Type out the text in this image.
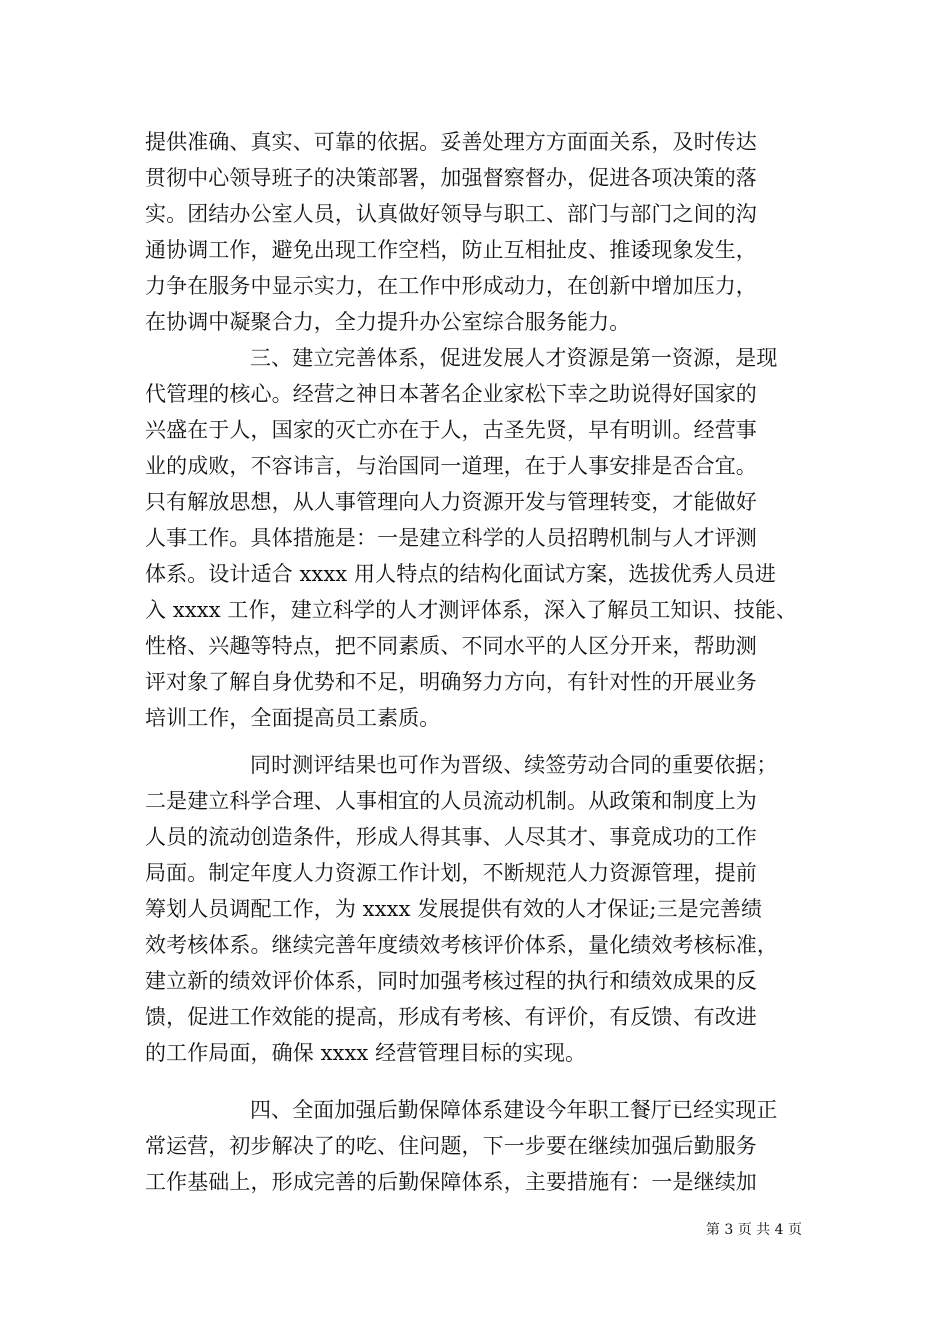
提供准确、真实、可靠的依据。妥善处理方方面面关系，及时传达
贯彻中心领导班子的决策部署，加强督察督办，促进各项决策的落
实。团结办公室人员，认真做好领导与职工、部门与部门之间的沟
通协调工作，避免出现工作空档，防止互相扯皮、推诿现象发生，
力争在服务中显示实力，在工作中形成动力，在创新中增加压力，
在协调中凝聚合力，全力提升办公室综合服务能力。
三、建立完善体系，促进发展人才资源是第一资源，是现
代管理的核心。经营之神日本著名企业家松下幸之助说得好国家的
兴盛在于人，国家的灭亡亦在于人，古圣先贤，早有明训。经营事
业的成败，不容讳言，与治国同一道理，在于人事安排是否合宜。
只有解放思想，从人事管理向人力资源开发与管理转变，才能做好
人事工作。具体措施是：一是建立科学的人员招聘机制与人才评测
体系。设计适合 xxxx 用人特点的结构化面试方案，选拔优秀人员进
入 xxxx 工作，建立科学的人才测评体系，深入了解员工知识、技能、
性格、兴趣等特点，把不同素质、不同水平的人区分开来，帮助测
评对象了解自身优势和不足，明确努力方向，有针对性的开展业务
培训工作，全面提高员工素质。
同时测评结果也可作为晋级、续签劳动合同的重要依据；
二是建立科学合理、人事相宜的人员流动机制。从政策和制度上为
人员的流动创造条件，形成人得其事、人尽其才、事竟成功的工作
局面。制定年度人力资源工作计划，不断规范人力资源管理，提前
筹划人员调配工作，为 xxxx 发展提供有效的人才保证;三是完善绩
效考核体系。继续完善年度绩效考核评价体系，量化绩效考核标准，
建立新的绩效评价体系，同时加强考核过程的执行和绩效成果的反
馈，促进工作效能的提高，形成有考核、有评价，有反馈、有改进
的工作局面，确保 xxxx 经营管理目标的实现。
四、全面加强后勤保障体系建设今年职工餐厅已经实现正
常运营，初步解决了的吃、住问题，下一步要在继续加强后勤服务
工作基础上，形成完善的后勤保障体系，主要措施有：一是继续加
第 3 页 共 4 页
